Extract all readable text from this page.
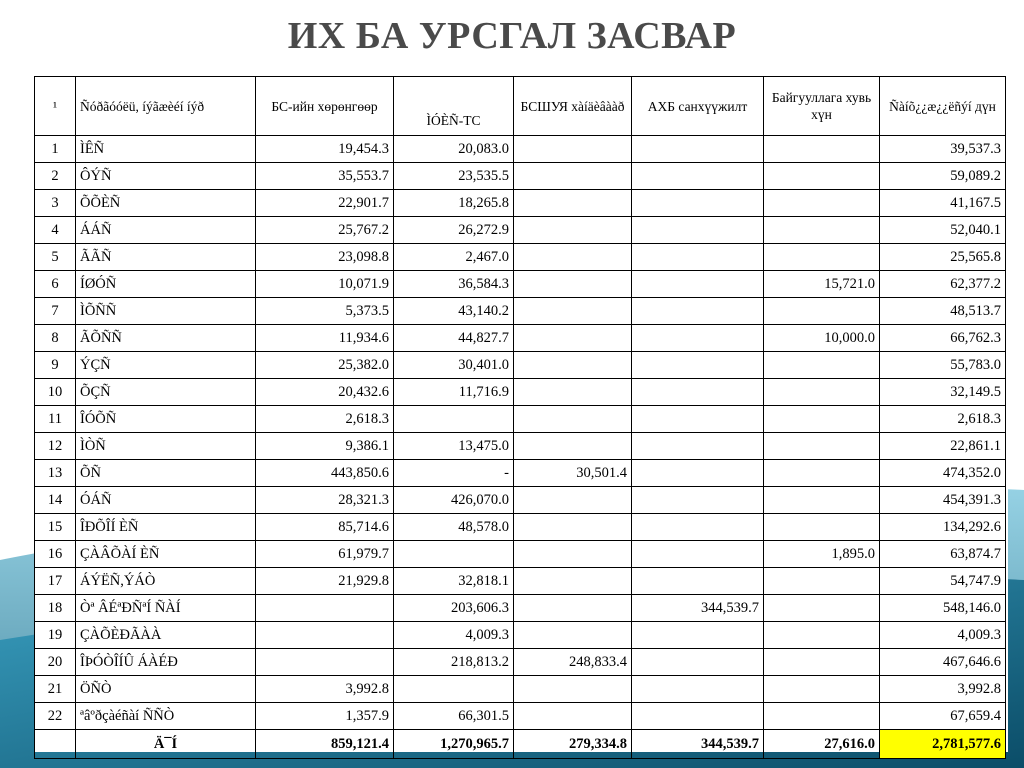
ИХ БА УРСГАЛ ЗАСВАР
¹	Ñóðãóóëü, íýãæèéí íýð	БС-ийн хөрөнгөөр	ÌÓÈÑ-ТС	БСШУЯ хàíäèâààð	АХБ санхүүжилт	Байгууллага хувь хүн	Ñàíõ¿¿æ¿¿ëñýí дүн
1	ÌÊÑ	19,454.3	20,083.0				39,537.3
2	ÔÝÑ	35,553.7	23,535.5				59,089.2
3	ÕÕÈÑ	22,901.7	18,265.8				41,167.5
4	ÁÁÑ	25,767.2	26,272.9				52,040.1
5	ÃÃÑ	23,098.8	2,467.0				25,565.8
6	ÍØÓÑ	10,071.9	36,584.3			15,721.0	62,377.2
7	ÌÕÑÑ	5,373.5	43,140.2				48,513.7
8	ÃÕÑÑ	11,934.6	44,827.7			10,000.0	66,762.3
9	ÝÇÑ	25,382.0	30,401.0				55,783.0
10	ÕÇÑ	20,432.6	11,716.9				32,149.5
11	ÎÓÕÑ	2,618.3					2,618.3
12	ÌÒÑ	9,386.1	13,475.0				22,861.1
13	ÕÑ	443,850.6	-	30,501.4			474,352.0
14	ÓÁÑ	28,321.3	426,070.0				454,391.3
15	ÎÐÕÎÍ ÈÑ	85,714.6	48,578.0				134,292.6
16	ÇÀÂÕÀÍ ÈÑ	61,979.7				1,895.0	63,874.7
17	ÁÝËÑ,ÝÁÒ	21,929.8	32,818.1				54,747.9
18	Òª ÂÉªÐÑªÍ ÑÀÍ		203,606.3		344,539.7		548,146.0
19	ÇÀÕÈÐÃÀÀ		4,009.3				4,009.3
20	ÎÞÓÒÎÍÛ ÁÀÉÐ		218,813.2	248,833.4			467,646.6
21	ÖÑÒ	3,992.8					3,992.8
22	ªâºðçàéñàí ÑÑÒ	1,357.9	66,301.5				67,659.4
	Ä¯Í	859,121.4	1,270,965.7	279,334.8	344,539.7	27,616.0	2,781,577.6
